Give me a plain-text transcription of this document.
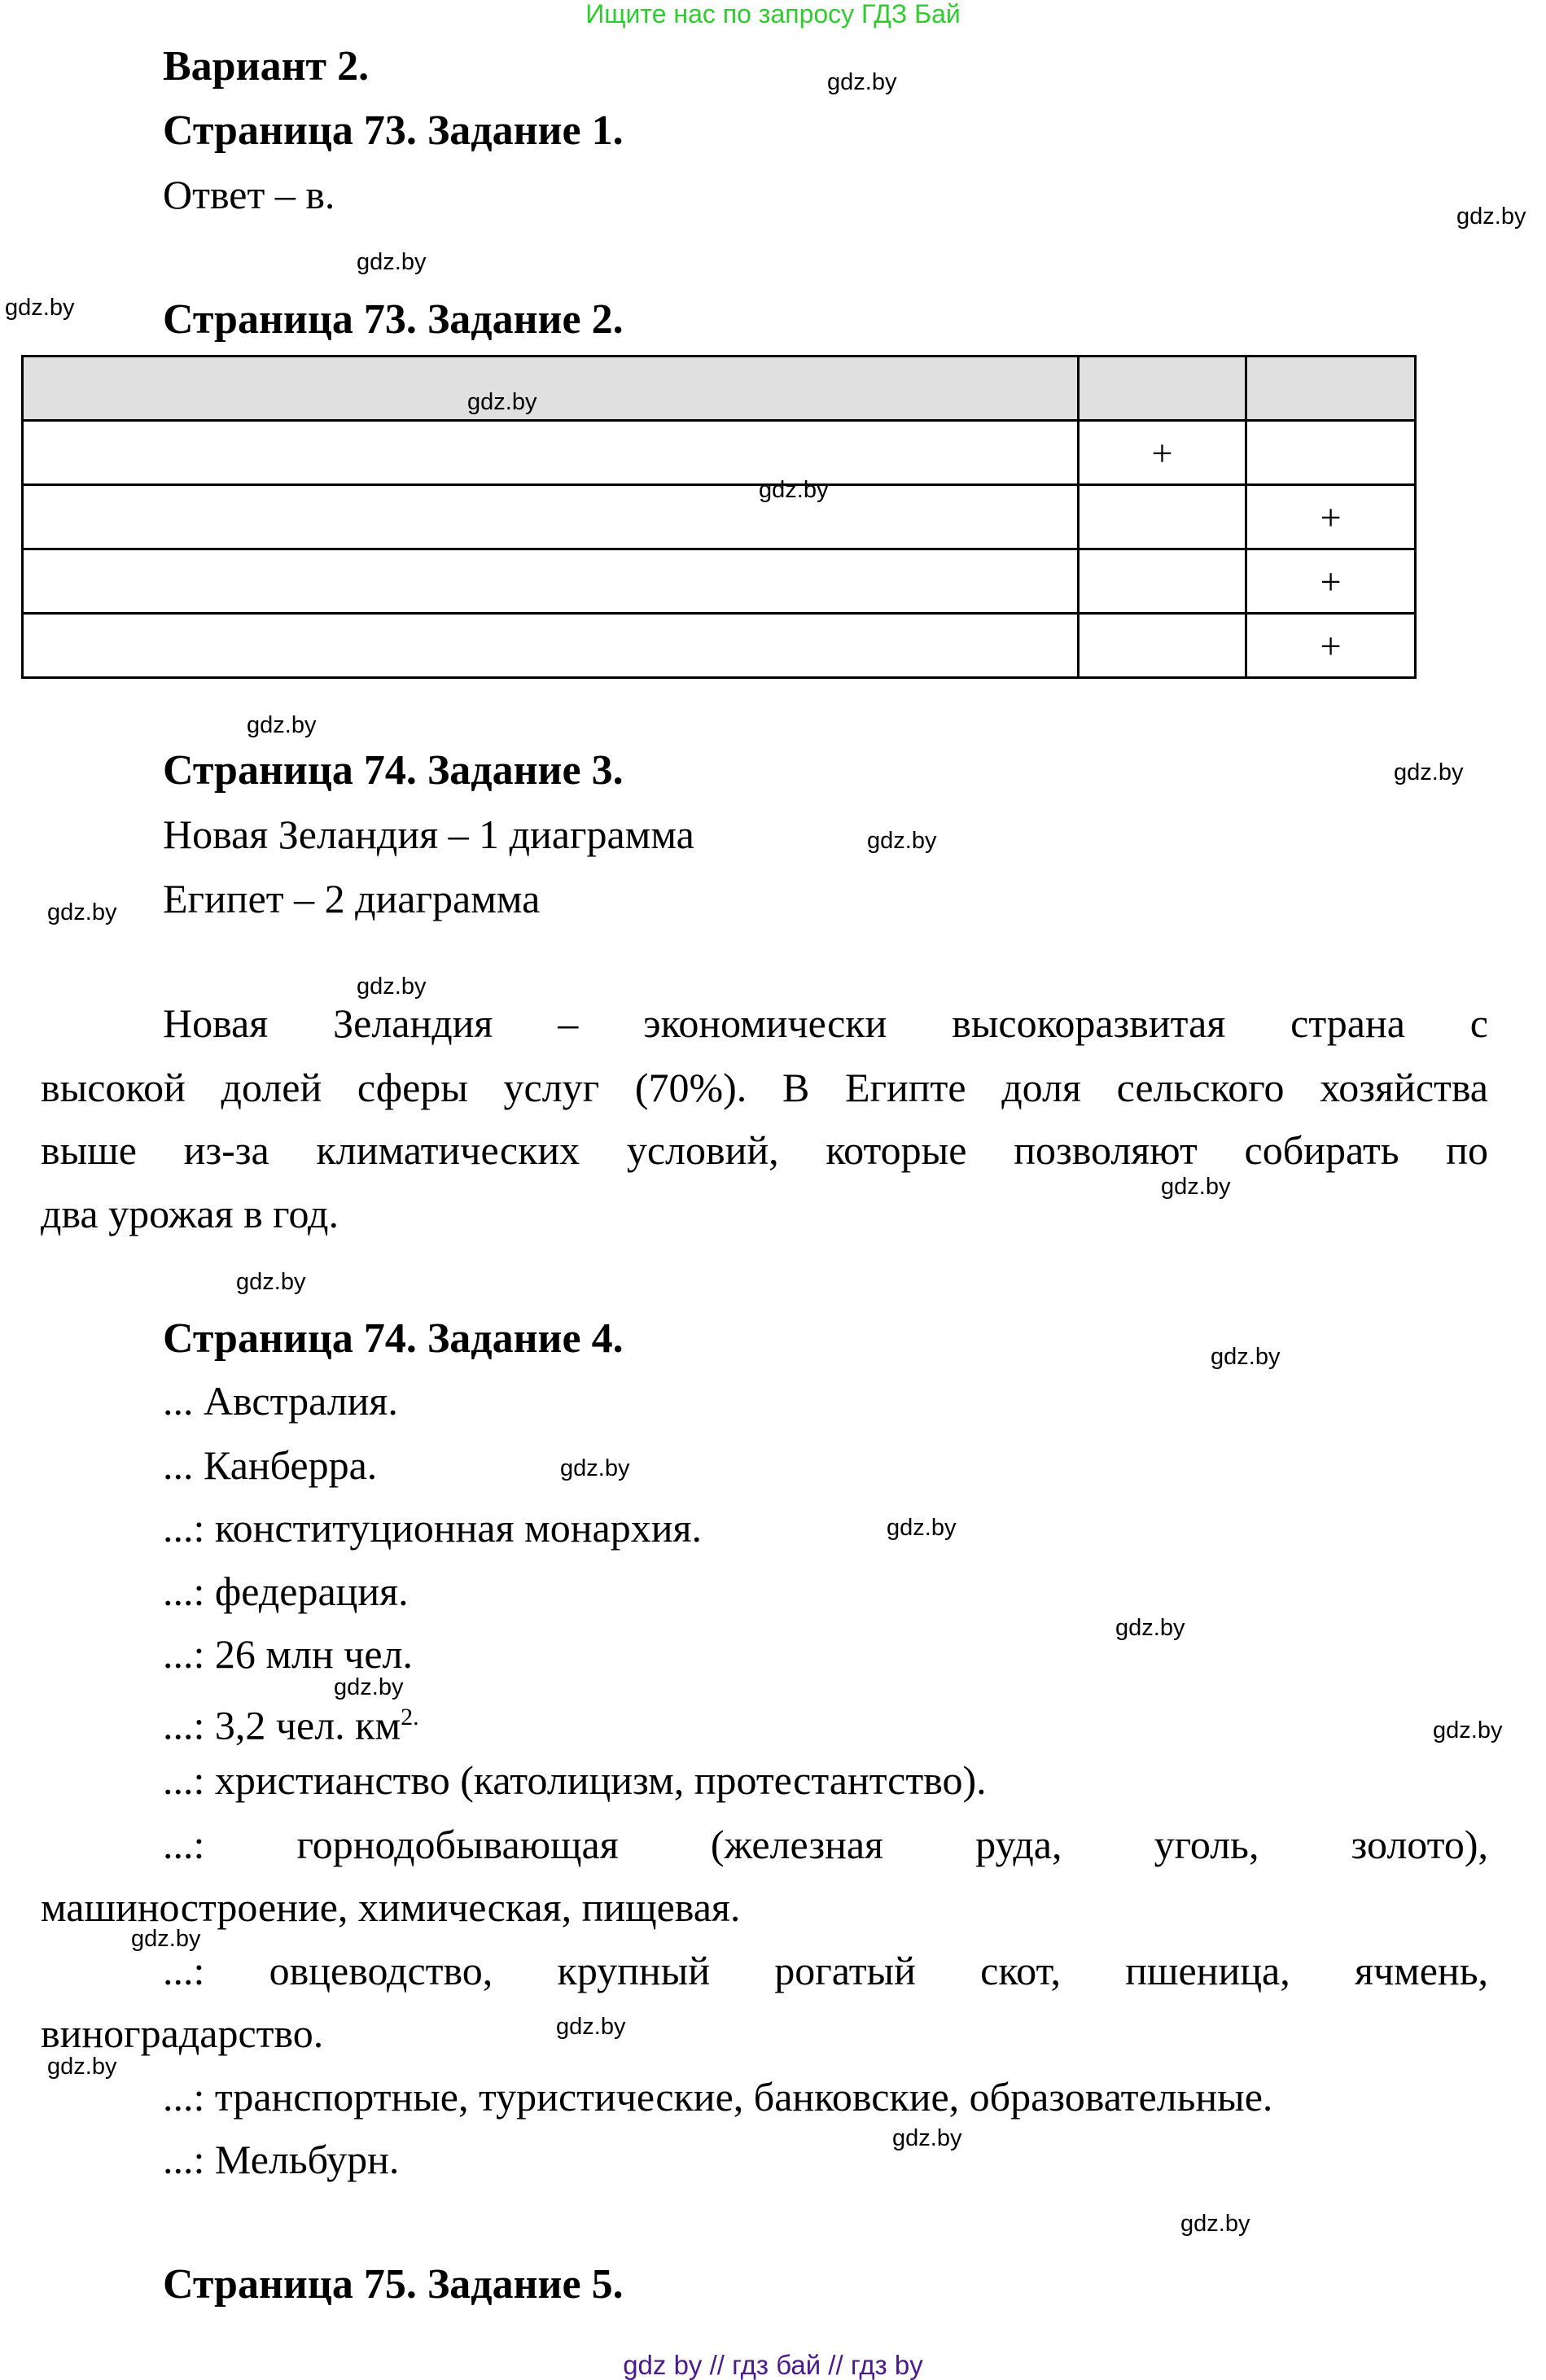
Ищите нас по запросу ГДЗ Бай
Вариант 2.
Страница 73. Задание 1.
Ответ – в.
Страница 73. Задание 2.

	+	
		+
		+
		+
Страница 74. Задание 3.
Новая Зеландия – 1 диаграмма
Египет – 2 диаграмма
Новая Зеландия – экономически высокоразвитая страна с
высокой долей сферы услуг (70%). В Египте доля сельского хозяйства
выше из-за климатических условий, которые позволяют собирать по
два урожая в год.
Страница 74. Задание 4.
... Австралия.
... Канберра.
...: конституционная монархия.
...: федерация.
...: 26 млн чел.
...: 3,2 чел. $км^{2.}$
...: христианство (католицизм, протестантство).
...: горнодобывающая (железная руда, уголь, золото),
машиностроение, химическая, пищевая.
...: овцеводство, крупный рогатый скот, пшеница, ячмень,
виноградарство.
...: транспортные, туристические, банковские, образовательные.
...: Мельбурн.
Страница 75. Задание 5.
gdz.by
gdz.by
gdz.by
gdz.by
gdz.by
gdz.by
gdz.by
gdz.by
gdz.by
gdz.by
gdz.by
gdz.by
gdz.by
gdz.by
gdz.by
gdz.by
gdz.by
gdz.by
gdz.by
gdz.by
gdz.by
gdz.by
gdz.by
gdz.by
gdz by // гдз бай // гдз by
